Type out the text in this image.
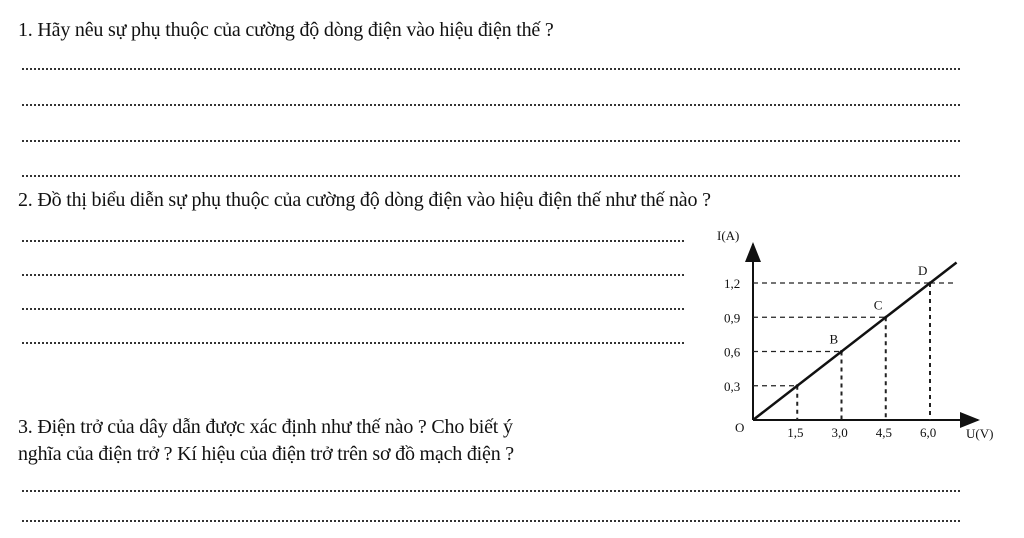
1. Hãy nêu sự phụ thuộc của cường độ dòng điện vào hiệu điện thế ?
2. Đồ thị biểu diễn sự phụ thuộc của cường độ dòng điện vào hiệu điện thế như thế nào ?
3. Điện trở của dây dẫn được xác định như thế nào ? Cho biết ý
nghĩa của điện trở ? Kí hiệu của điện trở trên sơ đồ mạch điện ?
I(A)
U(V)
O
0,3
0,6
0,9
1,2
1,5 3,0 4,5 6,0
B
C
D
